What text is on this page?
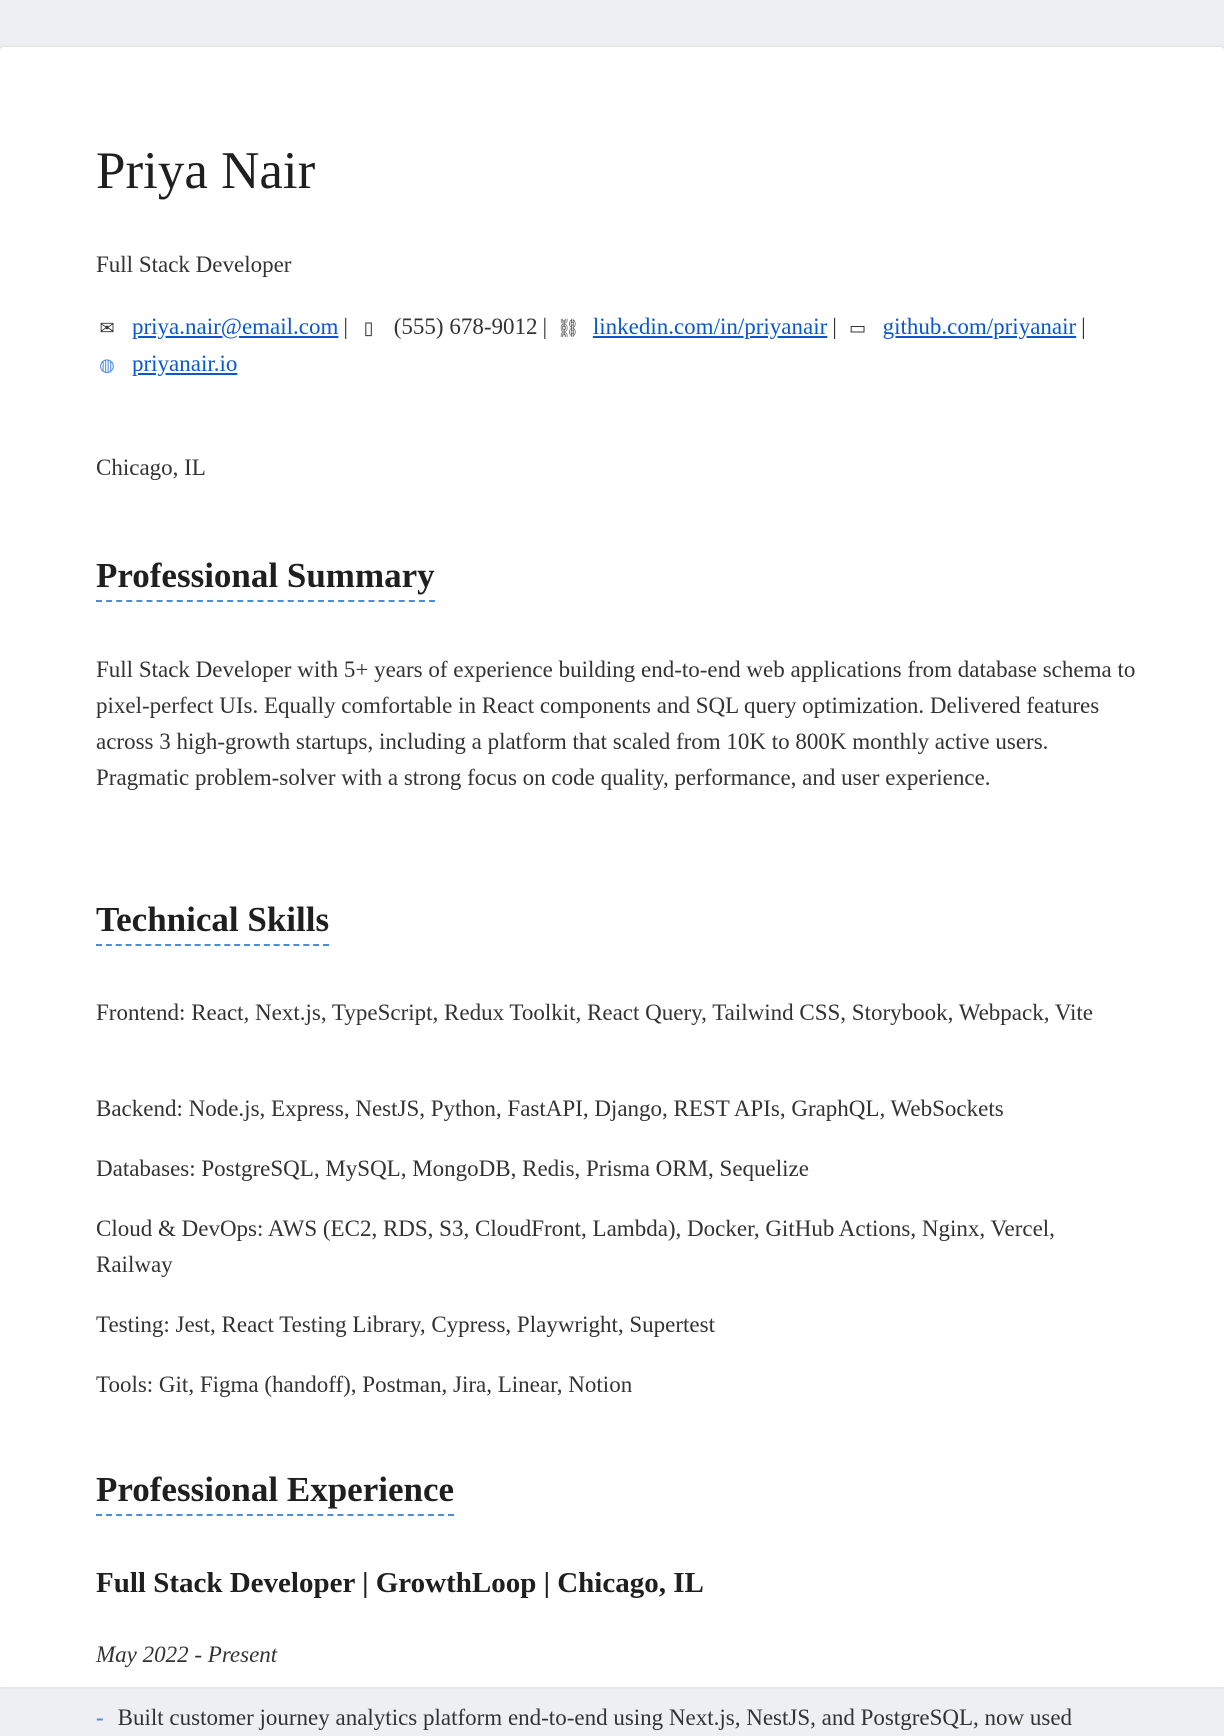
Priya Nair

Full Stack Developer

✉ priya.nair@email.com | ▯ (555) 678-9012 | ⛓ linkedin.com/in/priyanair | ▭ github.com/priyanair |
◍ priyanair.io

Chicago, IL

Professional Summary

Full Stack Developer with 5+ years of experience building end-to-end web applications from database schema to pixel-perfect UIs. Equally comfortable in React components and SQL query optimization. Delivered features across 3 high-growth startups, including a platform that scaled from 10K to 800K monthly active users. Pragmatic problem-solver with a strong focus on code quality, performance, and user experience.

Technical Skills

Frontend: React, Next.js, TypeScript, Redux Toolkit, React Query, Tailwind CSS, Storybook, Webpack, Vite

Backend: Node.js, Express, NestJS, Python, FastAPI, Django, REST APIs, GraphQL, WebSockets

Databases: PostgreSQL, MySQL, MongoDB, Redis, Prisma ORM, Sequelize

Cloud & DevOps: AWS (EC2, RDS, S3, CloudFront, Lambda), Docker, GitHub Actions, Nginx, Vercel, Railway

Testing: Jest, React Testing Library, Cypress, Playwright, Supertest

Tools: Git, Figma (handoff), Postman, Jira, Linear, Notion

Professional Experience
Full Stack Developer | GrowthLoop | Chicago, IL

May 2022 - Present

- Built customer journey analytics platform end-to-end using Next.js, NestJS, and PostgreSQL, now used
